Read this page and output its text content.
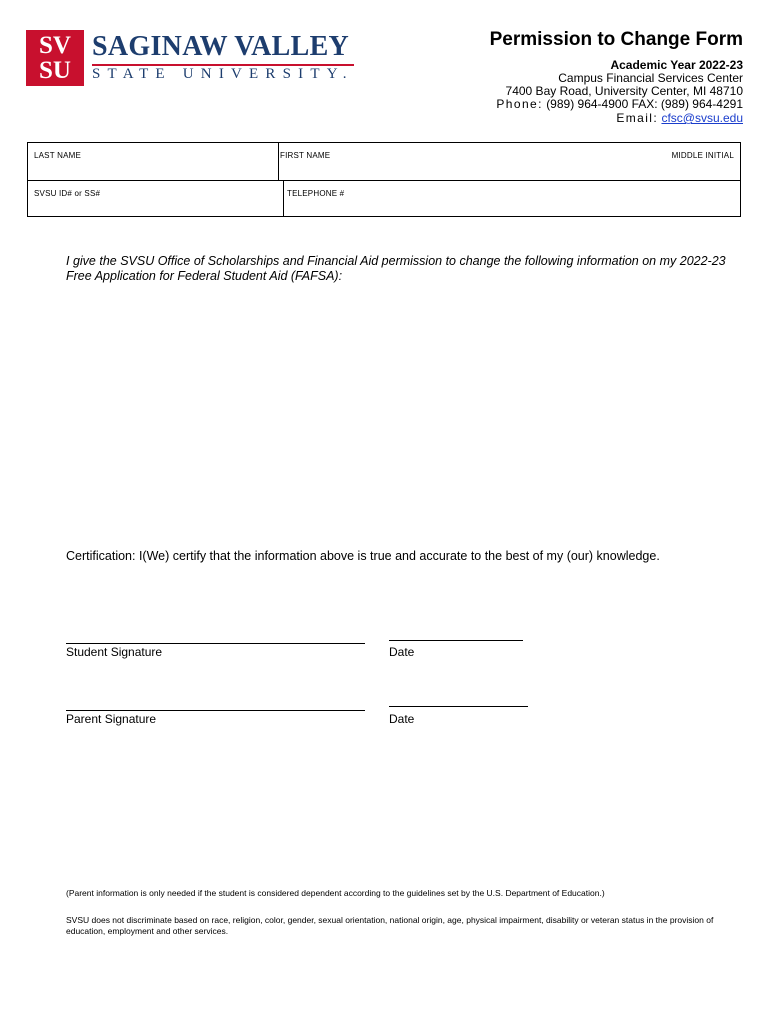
SV
SU
SAGINAW VALLEY
STATE UNIVERSITY.
Permission to Change Form
Academic Year 2022-23
Campus Financial Services Center
7400 Bay Road, University Center, MI 48710
Phone: (989) 964-4900 FAX: (989) 964-4291
Email: cfsc@svsu.edu
LAST NAME	FIRST NAME	MIDDLE INITIAL
SVSU ID# or SS#	TELEPHONE #
I give the SVSU Office of Scholarships and Financial Aid permission to change the following information on my 2022-23 Free Application for Federal Student Aid (FAFSA):
Certification: I(We) certify that the information above is true and accurate to the best of my (our) knowledge.
Student Signature	Date
Parent Signature	Date
(Parent information is only needed if the student is considered dependent according to the guidelines set by the U.S. Department of Education.)
SVSU does not discriminate based on race, religion, color, gender, sexual orientation, national origin, age, physical impairment, disability or veteran status in the provision of education, employment and other services.
